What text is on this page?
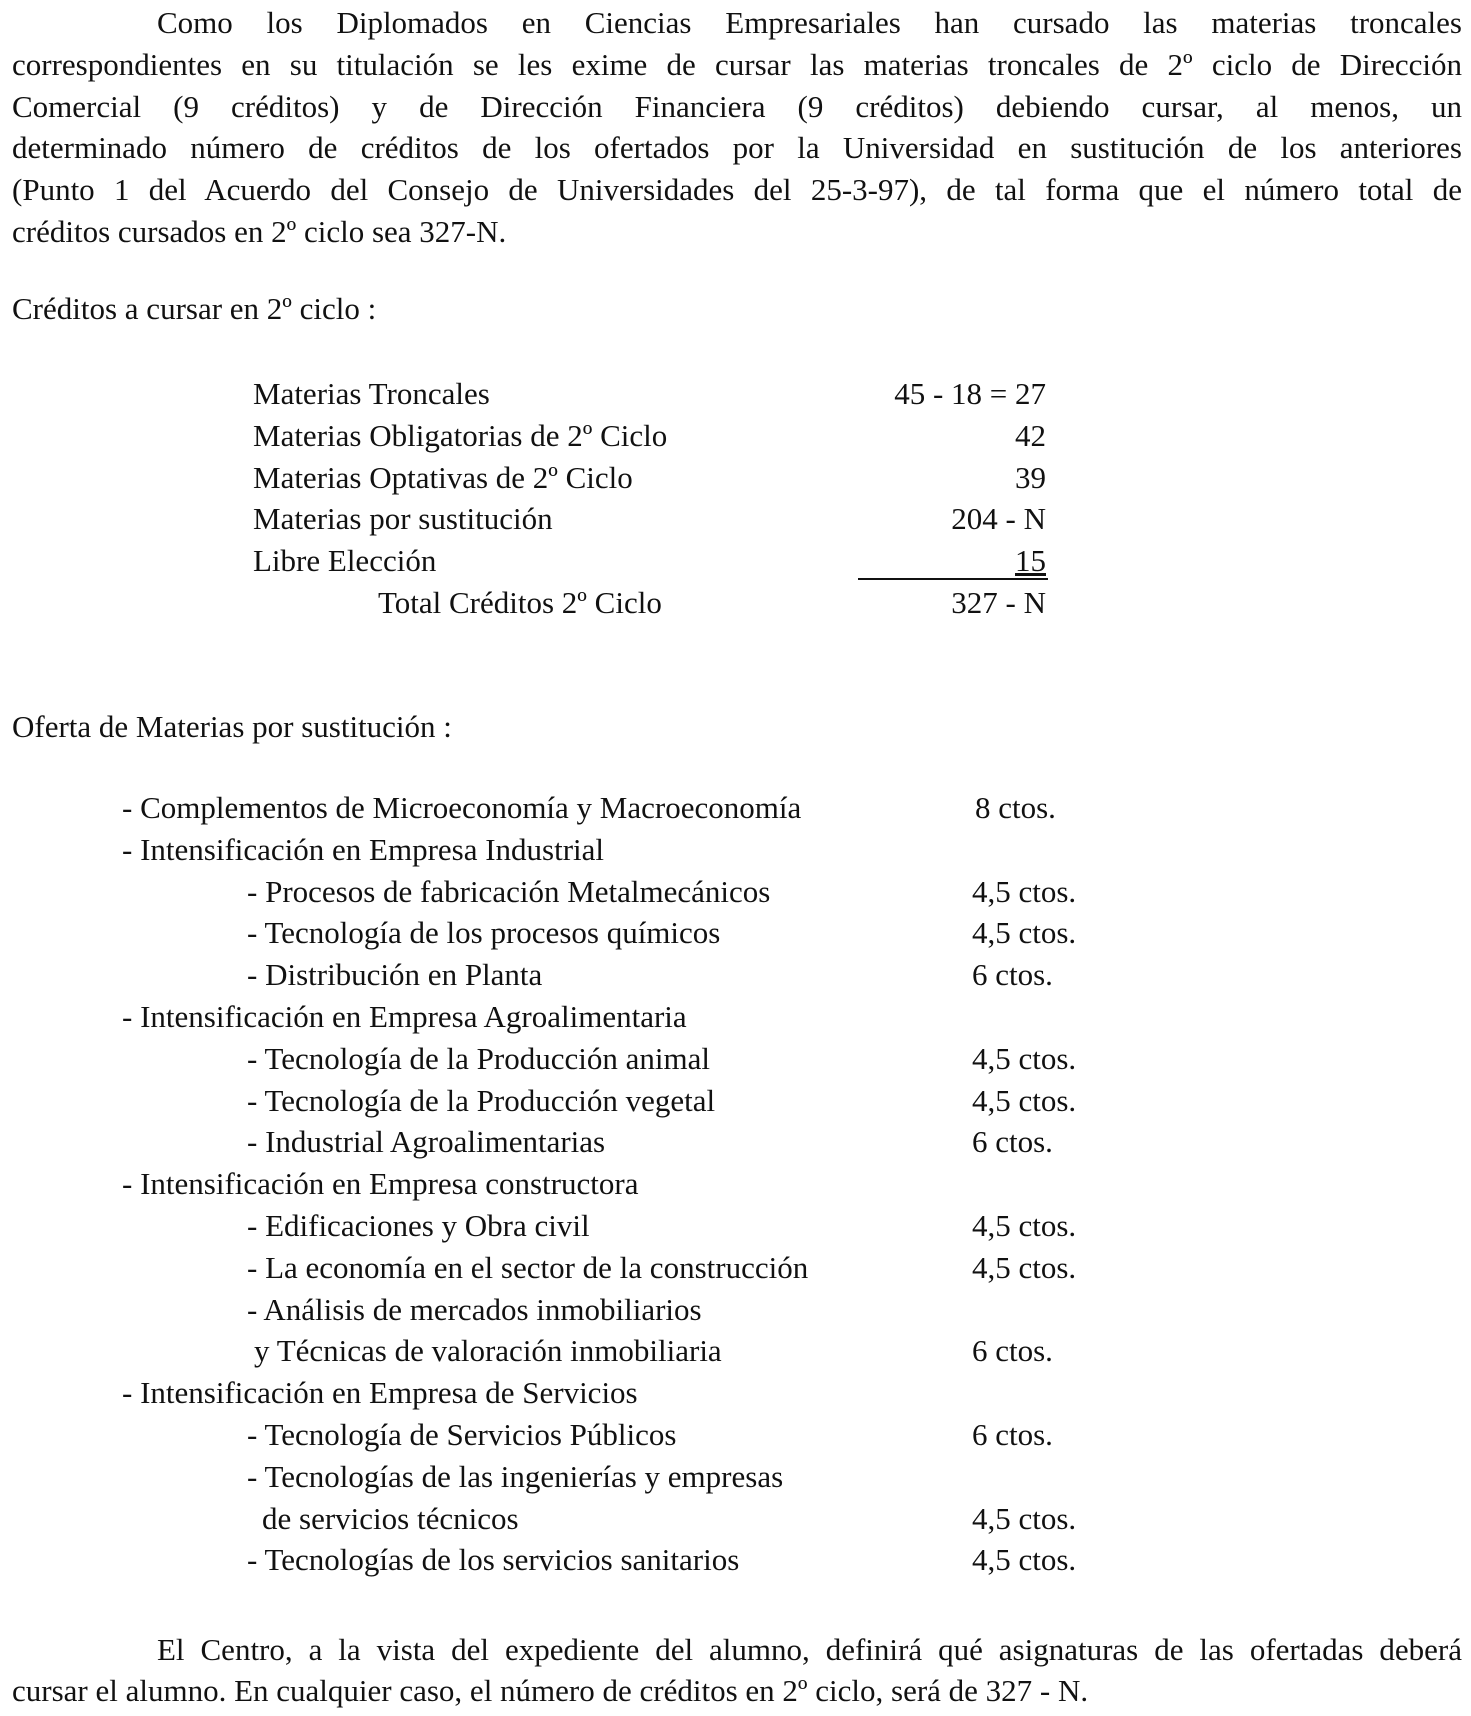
Como los Diplomados en Ciencias Empresariales han cursado las materias troncales
correspondientes en su titulación se les exime de cursar las materias troncales de 2º ciclo de Dirección
Comercial (9 créditos) y de Dirección Financiera (9 créditos) debiendo cursar, al menos, un
determinado número de créditos de los ofertados por la Universidad en sustitución de los anteriores
(Punto 1 del Acuerdo del Consejo de Universidades del 25-3-97), de tal forma que el número total de
créditos cursados en 2º ciclo sea 327-N.
Créditos a cursar en 2º ciclo :
Materias Troncales	45 - 18 = 27
Materias Obligatorias de 2º Ciclo	42
Materias Optativas de 2º Ciclo	39
Materias por sustitución	204 - N
Libre Elección	15
Total Créditos 2º Ciclo	327 - N
Oferta de Materias por sustitución :
- Complementos de Microeconomía y Macroeconomía	8 ctos.
- Intensificación en Empresa Industrial
- Procesos de fabricación Metalmecánicos	4,5 ctos.
- Tecnología de los procesos químicos	4,5 ctos.
- Distribución en Planta	6 ctos.
- Intensificación en Empresa Agroalimentaria
- Tecnología de la Producción animal	4,5 ctos.
- Tecnología de la Producción vegetal	4,5 ctos.
- Industrial Agroalimentarias	6 ctos.
- Intensificación en Empresa constructora
- Edificaciones y Obra civil	4,5 ctos.
- La economía en el sector de la construcción	4,5 ctos.
- Análisis de mercados inmobiliarios
y Técnicas de valoración inmobiliaria	6 ctos.
- Intensificación en Empresa de Servicios
- Tecnología de Servicios Públicos	6 ctos.
- Tecnologías de las ingenierías y empresas
de servicios técnicos	4,5 ctos.
- Tecnologías de los servicios sanitarios	4,5 ctos.
El Centro, a la vista del expediente del alumno, definirá qué asignaturas de las ofertadas deberá
cursar el alumno. En cualquier caso, el número de créditos en 2º ciclo, será de 327 - N.
